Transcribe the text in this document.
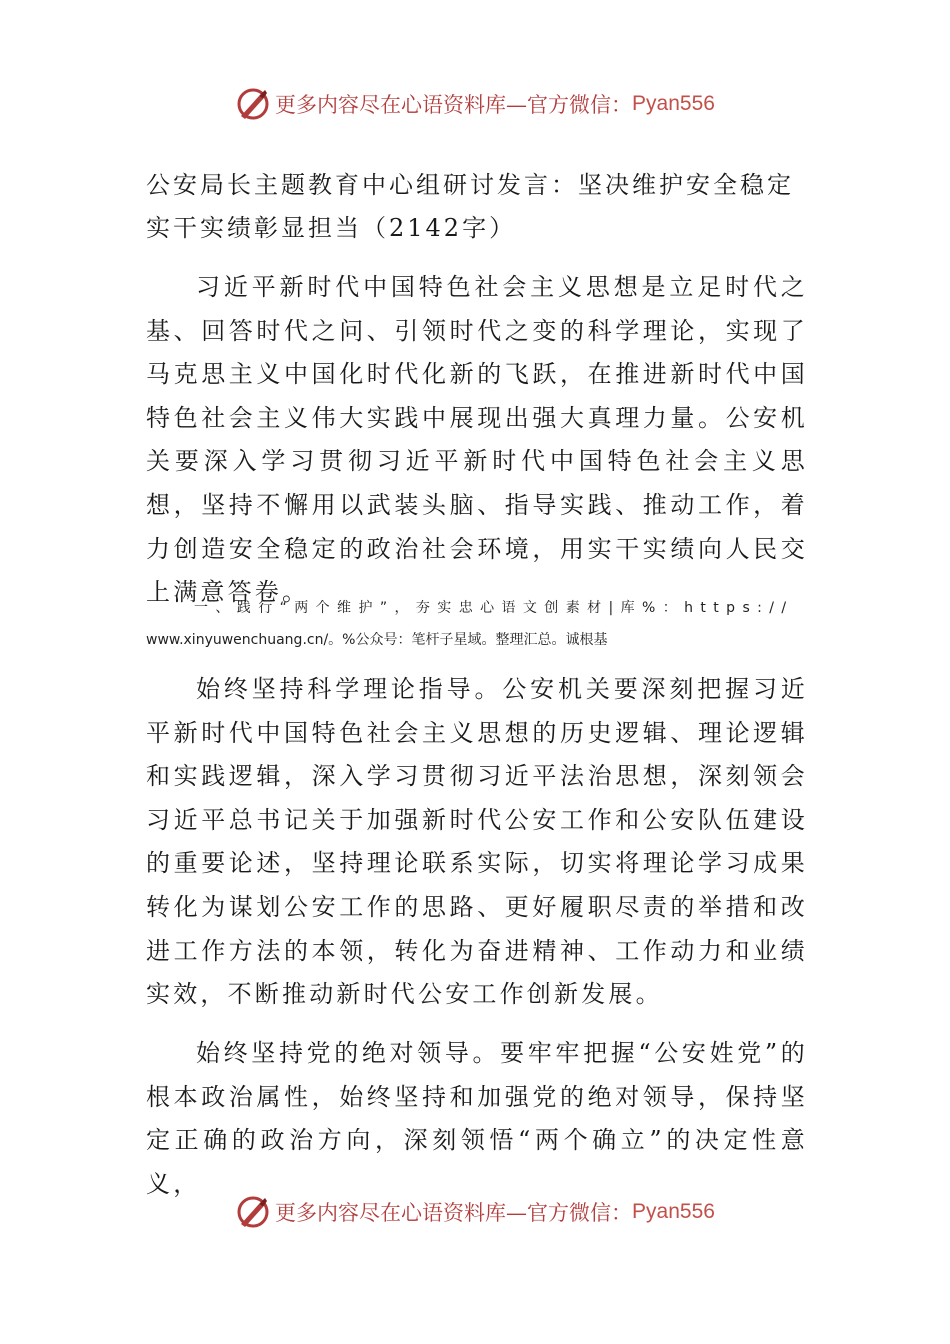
更多内容尽在心语资料库—官方微信： Pyan556
公安局长主题教育中心组研讨发言：坚决维护安全稳定实干实绩彰显担当（2142字）

习近平新时代中国特色社会主义思想是立足时代之基、回答时代之问、引领时代之变的科学理论，实现了马克思主义中国化时代化新的飞跃，在推进新时代中国特色社会主义伟大实践中展现出强大真理力量。公安机关要深入学习贯彻习近平新时代中国特色社会主义思想，坚持不懈用以武装头脑、指导实践、推动工作，着力创造安全稳定的政治社会环境，用实干实绩向人民交上满意答卷。

一、践行“两个维护”，夯实忠心语文创素材|库%：https://
www.xinyuwenchuang.cn/。%公众号：笔杆子星域。整理汇总。诚根基

始终坚持科学理论指导。公安机关要深刻把握习近平新时代中国特色社会主义思想的历史逻辑、理论逻辑和实践逻辑，深入学习贯彻习近平法治思想，深刻领会习近平总书记关于加强新时代公安工作和公安队伍建设的重要论述，坚持理论联系实际，切实将理论学习成果转化为谋划公安工作的思路、更好履职尽责的举措和改进工作方法的本领，转化为奋进精神、工作动力和业绩实效，不断推动新时代公安工作创新发展。

始终坚持党的绝对领导。要牢牢把握“公安姓党”的根本政治属性，始终坚持和加强党的绝对领导，保持坚定正确的政治方向，深刻领悟“两个确立”的决定性意义，

更多内容尽在心语资料库—官方微信： Pyan556
